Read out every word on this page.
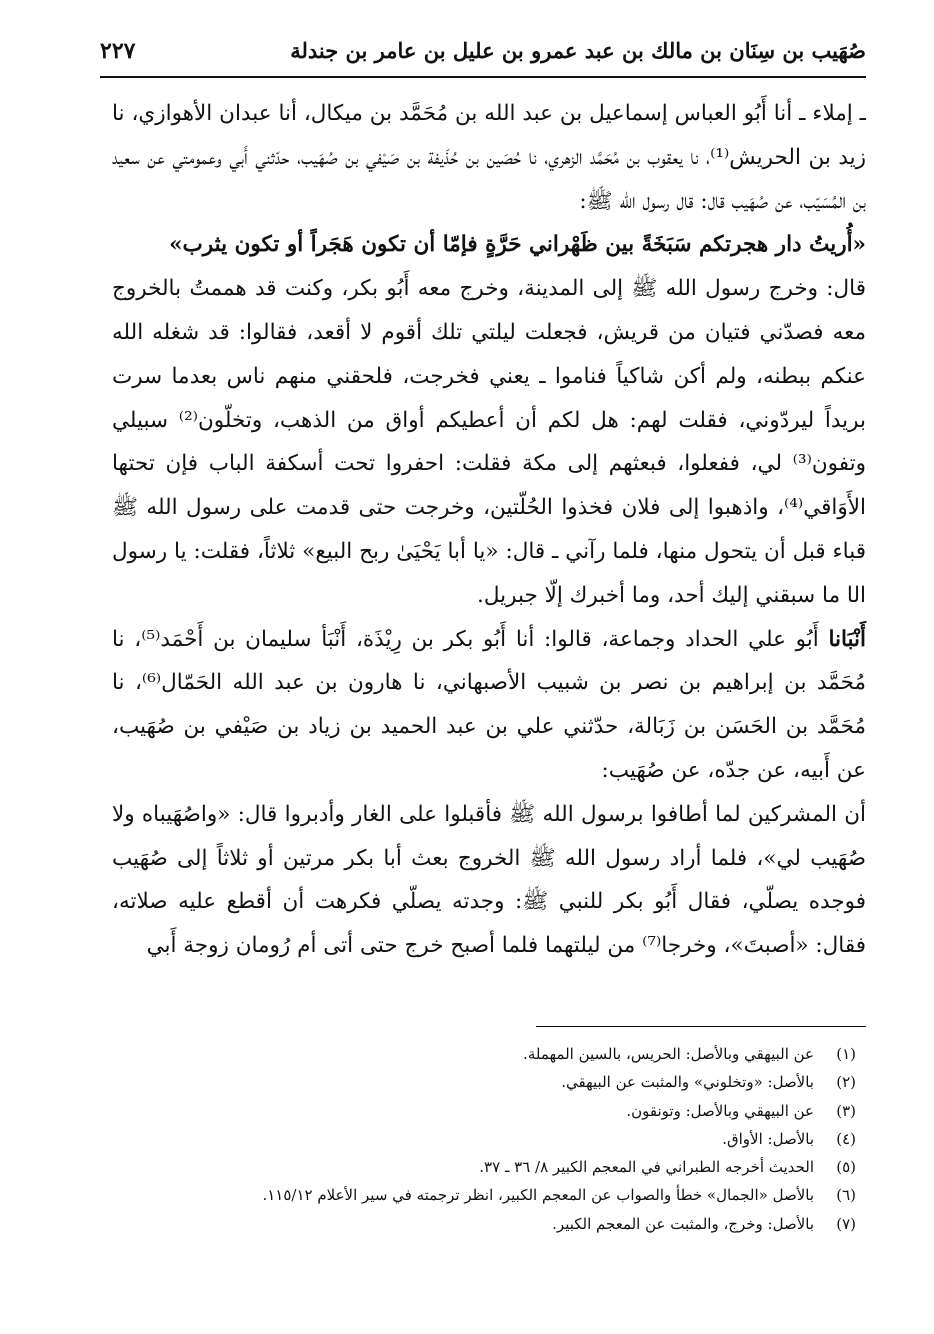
صُهَيب بن سِنَان بن مالك بن عبد عمرو بن عليل بن عامر بن جندلة
٢٢٧

ـ إملاء ـ أنا أَبُو العباس إسماعيل بن عبد الله بن مُحَمَّد بن ميكال، أنا عبدان الأهوازي، نا زيد بن الحريش⁽¹⁾، نا يعقوب بن مُحَمَّد الزهري، نا حُصَين بن حُذَيفة بن صَيْفي بن صُهَيب، حدّثني أَبي وعمومتي عن سعيد بن المُسَيّب، عن صُهَيب قال: قال رسول الله ﷺ:

«أُريتُ دار هجرتكم سَبَخَةً بين ظَهْراني حَرَّةٍ فإمّا أن تكون هَجَراً أو تكون يثرب»

قال: وخرج رسول الله ﷺ إلى المدينة، وخرج معه أَبُو بكر، وكنت قد هممتُ بالخروج معه فصدّني فتيان من قريش، فجعلت ليلتي تلك أقوم لا أقعد، فقالوا: قد شغله الله عنكم ببطنه، ولم أكن شاكياً فناموا ـ يعني فخرجت، فلحقني منهم ناس بعدما سرت بريداً ليردّوني، فقلت لهم: هل لكم أن أعطيكم أواق من الذهب، وتخلّون⁽²⁾ سبيلي وتفون⁽³⁾ لي، ففعلوا، فبعثهم إلى مكة فقلت: احفروا تحت أسكفة الباب فإن تحتها الأَوَاقي⁽⁴⁾، واذهبوا إلى فلان فخذوا الحُلّتين، وخرجت حتى قدمت على رسول الله ﷺ قباء قبل أن يتحول منها، فلما رآني ـ قال: «يا أبا يَحْيَىٰ ربح البيع» ثلاثاً، فقلت: يا رسول ال‍ا ما سبقني إليك أحد، وما أخبرك إلّا جبريل.

أَنْبَانا أَبُو علي الحداد وجماعة، قالوا: أنا أَبُو بكر بن رِيْذَة، أَنْبَأ سليمان بن أَحْمَد⁽⁵⁾، نا مُحَمَّد بن إبراهيم بن نصر بن شبيب الأصبهاني، نا هارون بن عبد الله الحَمّال⁽⁶⁾، نا مُحَمَّد بن الحَسَن بن زَبَالة، حدّثني علي بن عبد الحميد بن زياد بن صَيْفي بن صُهَيب، عن أَبيه، عن جدّه، عن صُهَيب:

أن المشركين لما أطافوا برسول الله ﷺ فأقبلوا على الغار وأدبروا قال: «واصُهَيباه ولا صُهَيب لي»، فلما أراد رسول الله ﷺ الخروج بعث أبا بكر مرتين أو ثلاثاً إلى صُهَيب فوجده يصلّي، فقال أَبُو بكر للنبي ﷺ: وجدته يصلّي فكرهت أن أقطع عليه صلاته، فقال: «أصبتَ»، وخرجا⁽⁷⁾ من ليلتهما فلما أصبح خرج حتى أتى أم رُومان زوجة أَبي

(١)
عن البيهقي وبالأصل: الحريس، بالسين المهملة.
(٢)
بالأصل: «وتخلوني» والمثبت عن البيهقي.
(٣)
عن البيهقي وبالأصل: وتونقون.
(٤)
بالأصل: الأواق.
(٥)
الحديث أخرجه الطبراني في المعجم الكبير ٨/ ٣٦ ـ ٣٧.
(٦)
بالأصل «الجمال» خطأ والصواب عن المعجم الكبير، انظر ترجمته في سير الأعلام ١١٥/١٢.
(٧)
بالأصل: وخرج، والمثبت عن المعجم الكبير.
